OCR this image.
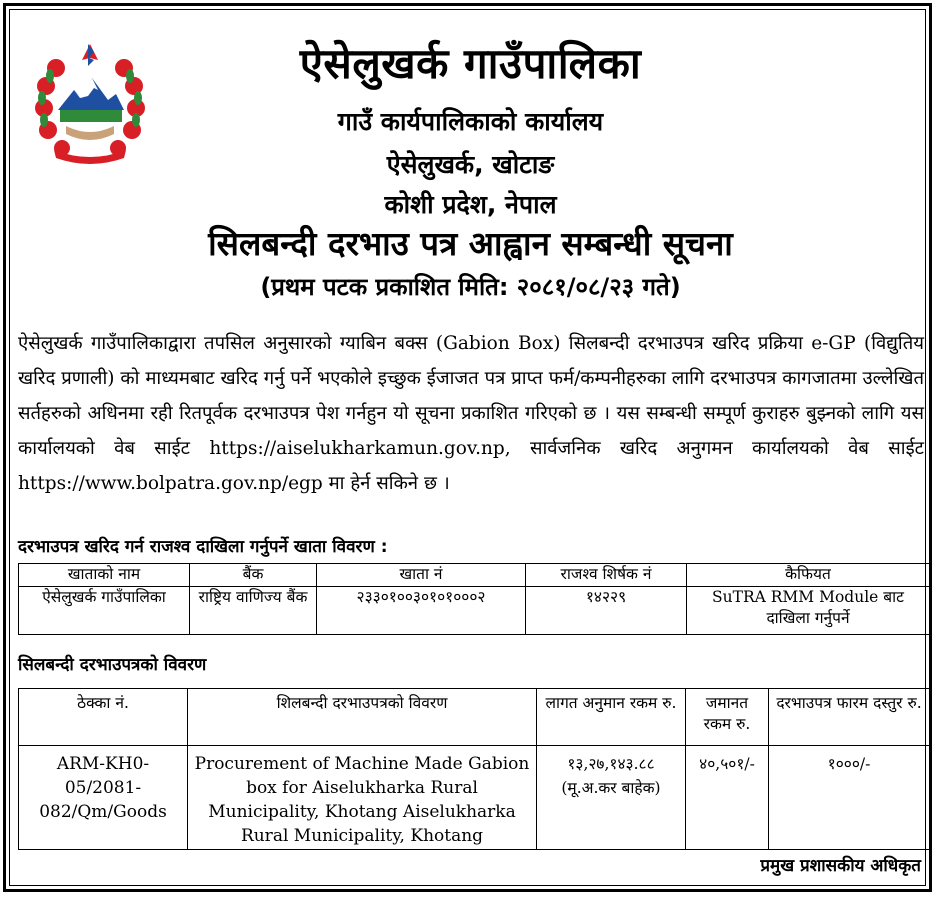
ऐसेलुखर्क गाउँपालिका
गाउँ कार्यपालिकाको कार्यालय
ऐसेलुखर्क, खोटाङ
कोशी प्रदेश, नेपाल
सिलबन्दी दरभाउ पत्र आह्वान सम्बन्धी सूचना
(प्रथम पटक प्रकाशित मिति: २०८१/०८/२३ गते)

ऐसेलुखर्क गाउँपालिकाद्वारा तपसिल अनुसारको ग्याबिन बक्स (Gabion Box) सिलबन्दी दरभाउपत्र खरिद प्रक्रिया e-GP (विद्युतिय खरिद प्रणाली) को माध्यमबाट खरिद गर्नु पर्ने भएकोले इच्छुक ईजाजत पत्र प्राप्त फर्म/कम्पनीहरुका लागि दरभाउपत्र कागजातमा उल्लेखित सर्तहरुको अधिनमा रही रितपूर्वक दरभाउपत्र पेश गर्नहुन यो सूचना प्रकाशित गरिएको छ । यस सम्बन्धी सम्पूर्ण कुराहरु बुझ्नको लागि यस कार्यालयको वेब साईट https://aiselukharkamun.gov.np, सार्वजनिक खरिद अनुगमन कार्यालयको वेब साईट https://www.bolpatra.gov.np/egp मा हेर्न सकिने छ ।

दरभाउपत्र खरिद गर्न राजश्व दाखिला गर्नुपर्ने खाता विवरण :
खाताको नाम	बैंक	खाता नं	राजश्व शिर्षक नं	कैफियत
ऐसेलुखर्क गाउँपालिका	राष्ट्रिय वाणिज्य बैंक	२३३०१००३०१०१०००२	१४२२९	SuTRA RMM Module बाट दाखिला गर्नुपर्ने
सिलबन्दी दरभाउपत्रको विवरण
ठेक्का नं.	शिलबन्दी दरभाउपत्रको विवरण	लागत अनुमान रकम रु.	जमानत रकम रु.	दरभाउपत्र फारम दस्तुर रु.
ARM-KH0-05/2081-082/Qm/Goods	Procurement of Machine Made Gabion box for Aiselukharka Rural Municipality, Khotang Aiselukharka Rural Municipality, Khotang	१३,२७,१४३.८८ (मू.अ.कर बाहेक)	४०,५०१/-	१०००/-
प्रमुख प्रशासकीय अधिकृत
